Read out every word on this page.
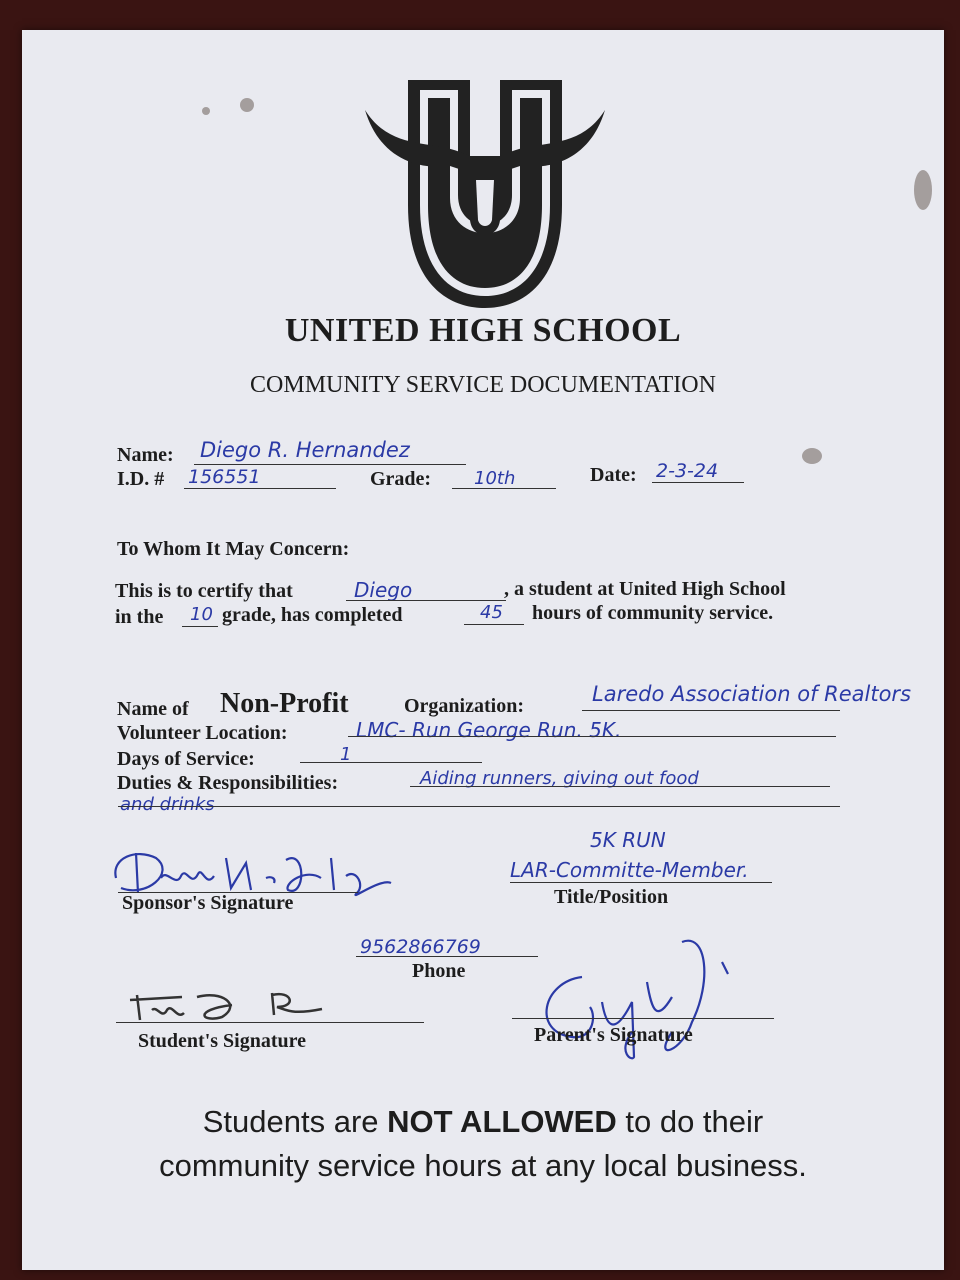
UNITED HIGH SCHOOL
COMMUNITY SERVICE DOCUMENTATION
Name: Diego R. Hernandez
I.D. # 156551	Grade: 10th	Date: 2-3-24
To Whom It May Concern:
This is to certify that	Diego	, a student at United High School
in the 10 grade, has completed	45 hours of community service.
Name of Non-Profit	Organization:	Laredo Association of Realtors
Volunteer Location:	LMC- Run George Run. 5K.
Days of Service:	1
Duties & Responsibilities:	Aiding runners, giving out food
and drinks
Sponsor's Signature
5K RUN
LAR-Committe-Member.
Title/Position
9562866769
Phone
Student's Signature	Parent's Signature
Students are NOT ALLOWED to do their
community service hours at any local business.
